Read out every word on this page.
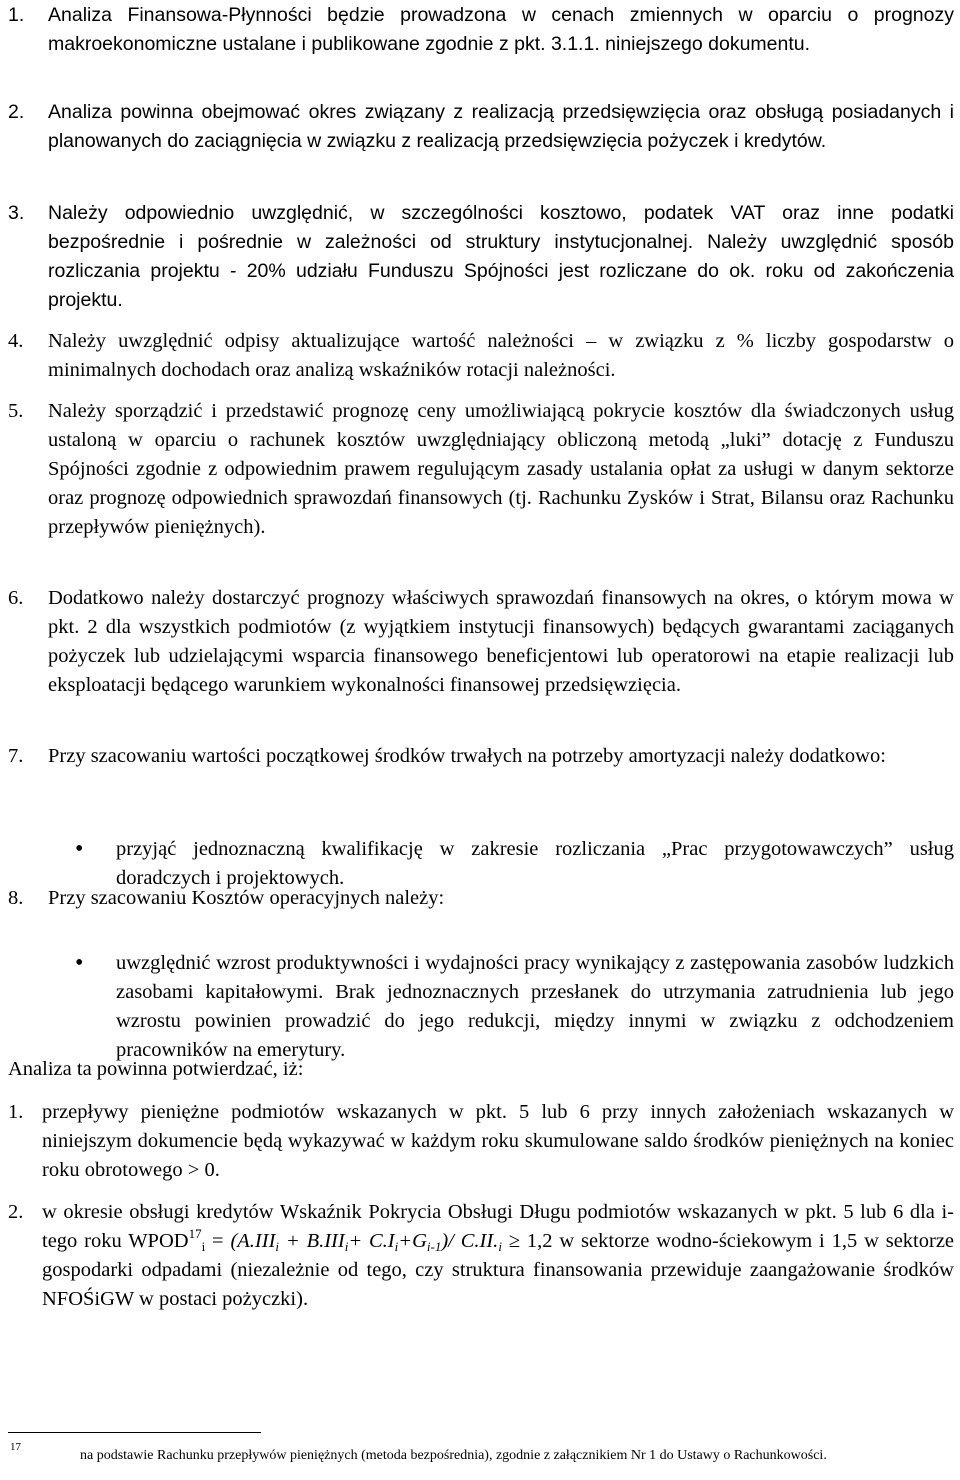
1. Analiza Finansowa-Płynności będzie prowadzona w cenach zmiennych w oparciu o prognozy makroekonomiczne ustalane i publikowane zgodnie z pkt. 3.1.1. niniejszego dokumentu.

2. Analiza powinna obejmować okres związany z realizacją przedsięwzięcia oraz obsługą posiadanych i planowanych do zaciągnięcia w związku z realizacją przedsięwzięcia pożyczek i kredytów.

3. Należy odpowiednio uwzględnić, w szczególności kosztowo, podatek VAT oraz inne podatki bezpośrednie i pośrednie w zależności od struktury instytucjonalnej. Należy uwzględnić sposób rozliczania projektu - 20% udziału Funduszu Spójności jest rozliczane do ok. roku od zakończenia projektu.

4. Należy uwzględnić odpisy aktualizujące wartość należności – w związku z % liczby gospodarstw o minimalnych dochodach oraz analizą wskaźników rotacji należności.

5. Należy sporządzić i przedstawić prognozę ceny umożliwiającą pokrycie kosztów dla świadczonych usług ustaloną w oparciu o rachunek kosztów uwzględniający obliczoną metodą „luki” dotację z Funduszu Spójności zgodnie z odpowiednim prawem regulującym zasady ustalania opłat za usługi w danym sektorze oraz prognozę odpowiednich sprawozdań finansowych (tj. Rachunku Zysków i Strat, Bilansu oraz Rachunku przepływów pieniężnych).

6. Dodatkowo należy dostarczyć prognozy właściwych sprawozdań finansowych na okres, o którym mowa w pkt. 2 dla wszystkich podmiotów (z wyjątkiem instytucji finansowych) będących gwarantami zaciąganych pożyczek lub udzielającymi wsparcia finansowego beneficjentowi lub operatorowi na etapie realizacji lub eksploatacji będącego warunkiem wykonalności finansowej przedsięwzięcia.

7. Przy szacowaniu wartości początkowej środków trwałych na potrzeby amortyzacji należy dodatkowo:

• przyjąć jednoznaczną kwalifikację w zakresie rozliczania „Prac przygotowawczych” usług doradczych i projektowych.

8. Przy szacowaniu Kosztów operacyjnych należy:

• uwzględnić wzrost produktywności i wydajności pracy wynikający z zastępowania zasobów ludzkich zasobami kapitałowymi. Brak jednoznacznych przesłanek do utrzymania zatrudnienia lub jego wzrostu powinien prowadzić do jego redukcji, między innymi w związku z odchodzeniem pracowników na emerytury.

Analiza ta powinna potwierdzać, iż:

1. przepływy pieniężne podmiotów wskazanych w pkt. 5 lub 6 przy innych założeniach wskazanych w niniejszym dokumencie będą wykazywać w każdym roku skumulowane saldo środków pieniężnych na koniec roku obrotowego > 0.

2. w okresie obsługi kredytów Wskaźnik Pokrycia Obsługi Długu podmiotów wskazanych w pkt. 5 lub 6 dla i-tego roku $WPOD^{17}_i = (A.III_i + B.III_i+ C.I_i+G_{i-1})/$ $C.II._i \ge 1,2$ w sektorze wodno-ściekowym i 1,5 w sektorze gospodarki odpadami (niezależnie od tego, czy struktura finansowania przewiduje zaangażowanie środków NFOŚiGW w postaci pożyczki).
17
na podstawie Rachunku przepływów pieniężnych (metoda bezpośrednia), zgodnie z załącznikiem Nr 1 do Ustawy o Rachunkowości.
